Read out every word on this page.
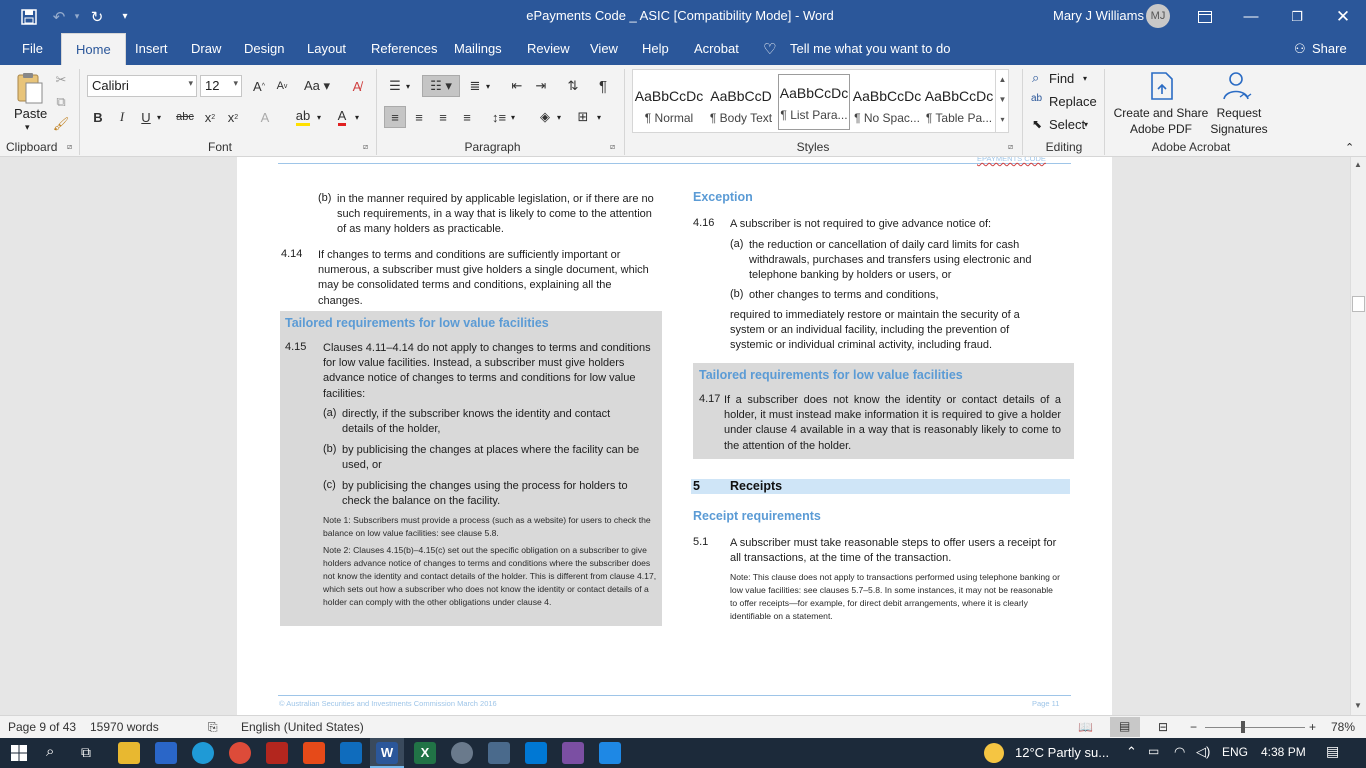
↶	▾ ↻	▾	ePayments Code _ ASIC [Compatibility Mode] - Word	Mary J Williams MJ	—	❐	✕
File	Home	Insert Draw Design Layout References Mailings Review View Help Acrobat ♡ Tell me what you want to do	⚇ Share
Paste
▾
✂
⧉
🖌
Clipboard	⧄
Calibri	▾ 12 ▾	A ^	A v Aa ▾	A̸
B	I	U ▾ abc x 2 x 2	A	ab ▾ A ▾
Font	⧄
☰ ▾	☷ ▾	≣ ▾	⇤	⇥	⇅	¶
≡	≡	≡	≡	↕≡ ▾	◈ ▾	⊞	▾
Paragraph	⧄
AaBbCcDc
¶ Normal
AaBbCcD
¶ Body Text
AaBbCcDc
¶ List Para...
AaBbCcDc
¶ No Spac...
AaBbCcDc
¶ Table Pa...
▲
▼
▾
Styles	⧄
⌕ Find ▾
ab Replace
⬉ Select
▾
Editing
Create and Share Adobe PDF
Request Signatures
Adobe Acrobat	⌃
EPAYMENTS CODE
(b) in the manner required by applicable legislation, or if there are no such requirements, in a way that is likely to come to the attention of as many holders as practicable.
4.14 If changes to terms and conditions are sufficiently important or numerous, a subscriber must give holders a single document, which may be consolidated terms and conditions, explaining all the changes.
Tailored requirements for low value facilities
4.15 Clauses 4.11–4.14 do not apply to changes to terms and conditions for low value facilities. Instead, a subscriber must give holders advance notice of changes to terms and conditions for low value facilities:
(a) directly, if the subscriber knows the identity and contact details of the holder,
(b) by publicising the changes at places where the facility can be used, or
(c) by publicising the changes using the process for holders to check the balance on the facility.
Note 1: Subscribers must provide a process (such as a website) for users to check the balance on low value facilities: see clause 5.8.
Note 2: Clauses 4.15(b)–4.15(c) set out the specific obligation on a subscriber to give holders advance notice of changes to terms and conditions where the subscriber does not know the identity and contact details of the holder. This is different from clause 4.17, which sets out how a subscriber who does not know the identity or contact details of a holder can comply with the other obligations under clause 4.
Exception
4.16 A subscriber is not required to give advance notice of:
(a) the reduction or cancellation of daily card limits for cash withdrawals, purchases and transfers using electronic and telephone banking by holders or users, or
(b) other changes to terms and conditions,
required to immediately restore or maintain the security of a system or an individual facility, including the prevention of systemic or individual criminal activity, including fraud.
Tailored requirements for low value facilities
4.17 If a subscriber does not know the identity or contact details of a holder, it must instead make information it is required to give a holder under clause 4 available in a way that is reasonably likely to come to the attention of the holder.
5 Receipts
Receipt requirements
5.1 A subscriber must take reasonable steps to offer users a receipt for all transactions, at the time of the transaction.
Note: This clause does not apply to transactions performed using telephone banking or low value facilities: see clauses 5.7–5.8. In some instances, it may not be reasonable to offer receipts—for example, for direct debit arrangements, where it is clearly identifiable on a statement.
© Australian Securities and Investments Commission March 2016	Page 11
▲
▼
Page 9 of 43 15970 words	⎘ English (United States)	📖 ▤ ⊟ −	+ 78%
⌕ ⧉	W	X	12°C Partly su... ⌃ ▭ ◠ ◁) ENG 4:38 PM ▤
